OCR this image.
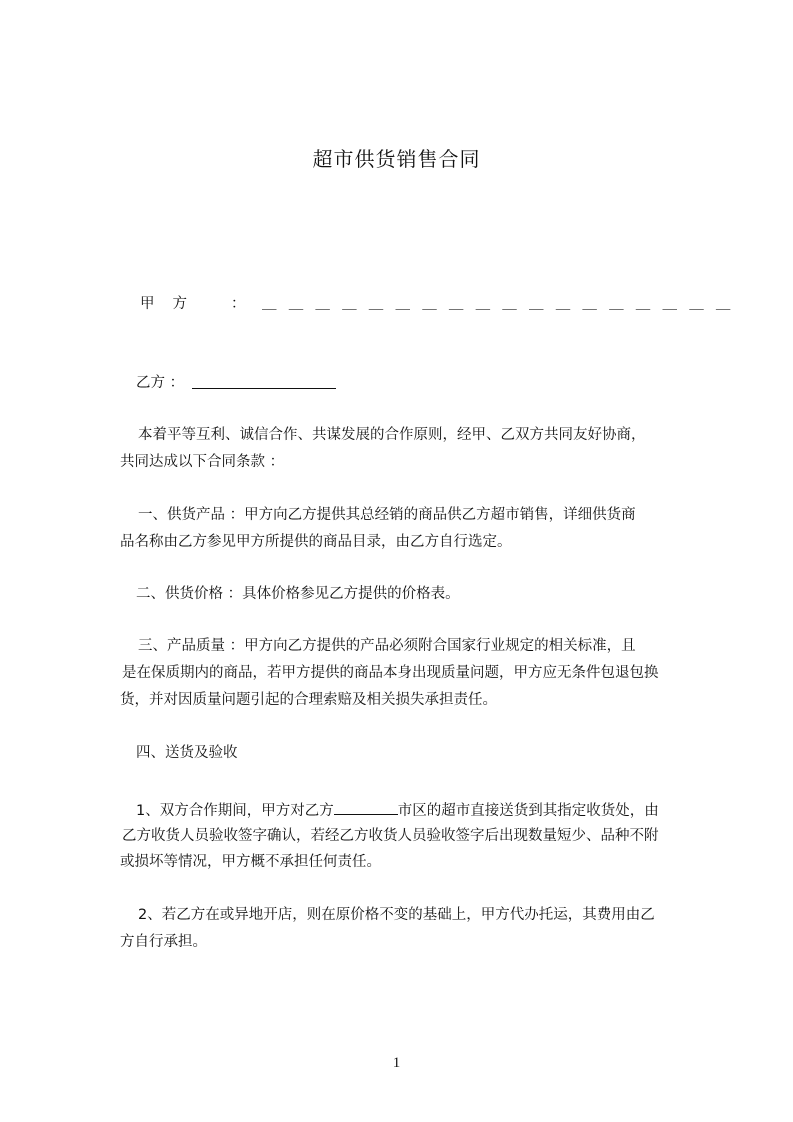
超市供货销售合同
甲方 ： ＿＿＿＿＿＿＿＿＿＿＿＿＿＿＿＿＿＿
乙方 ：
本着平等互利、诚信合作、共谋发展的合作原则，经甲、乙双方共同友好协商，
共同达成以下合同条款 ：
一、供货产品 ：甲方向乙方提供其总经销的商品供乙方超市销售，详细供货商
品名称由乙方参见甲方所提供的商品目录，由乙方自行选定。
二、供货价格 ：具体价格参见乙方提供的价格表。
三、产品质量 ：甲方向乙方提供的产品必须附合国家行业规定的相关标准，且
是在保质期内的商品，若甲方提供的商品本身出现质量问题，甲方应无条件包退包换
货，并对因质量问题引起的合理索赔及相关损失承担责任。
四、送货及验收
1、双方合作期间，甲方对乙方	市区的超市直接送货到其指定收货处，由
乙方收货人员验收签字确认，若经乙方收货人员验收签字后出现数量短少、品种不附
或损坏等情况，甲方概不承担任何责任。
2、若乙方在或异地开店，则在原价格不变的基础上，甲方代办托运，其费用由乙
方自行承担。
1
